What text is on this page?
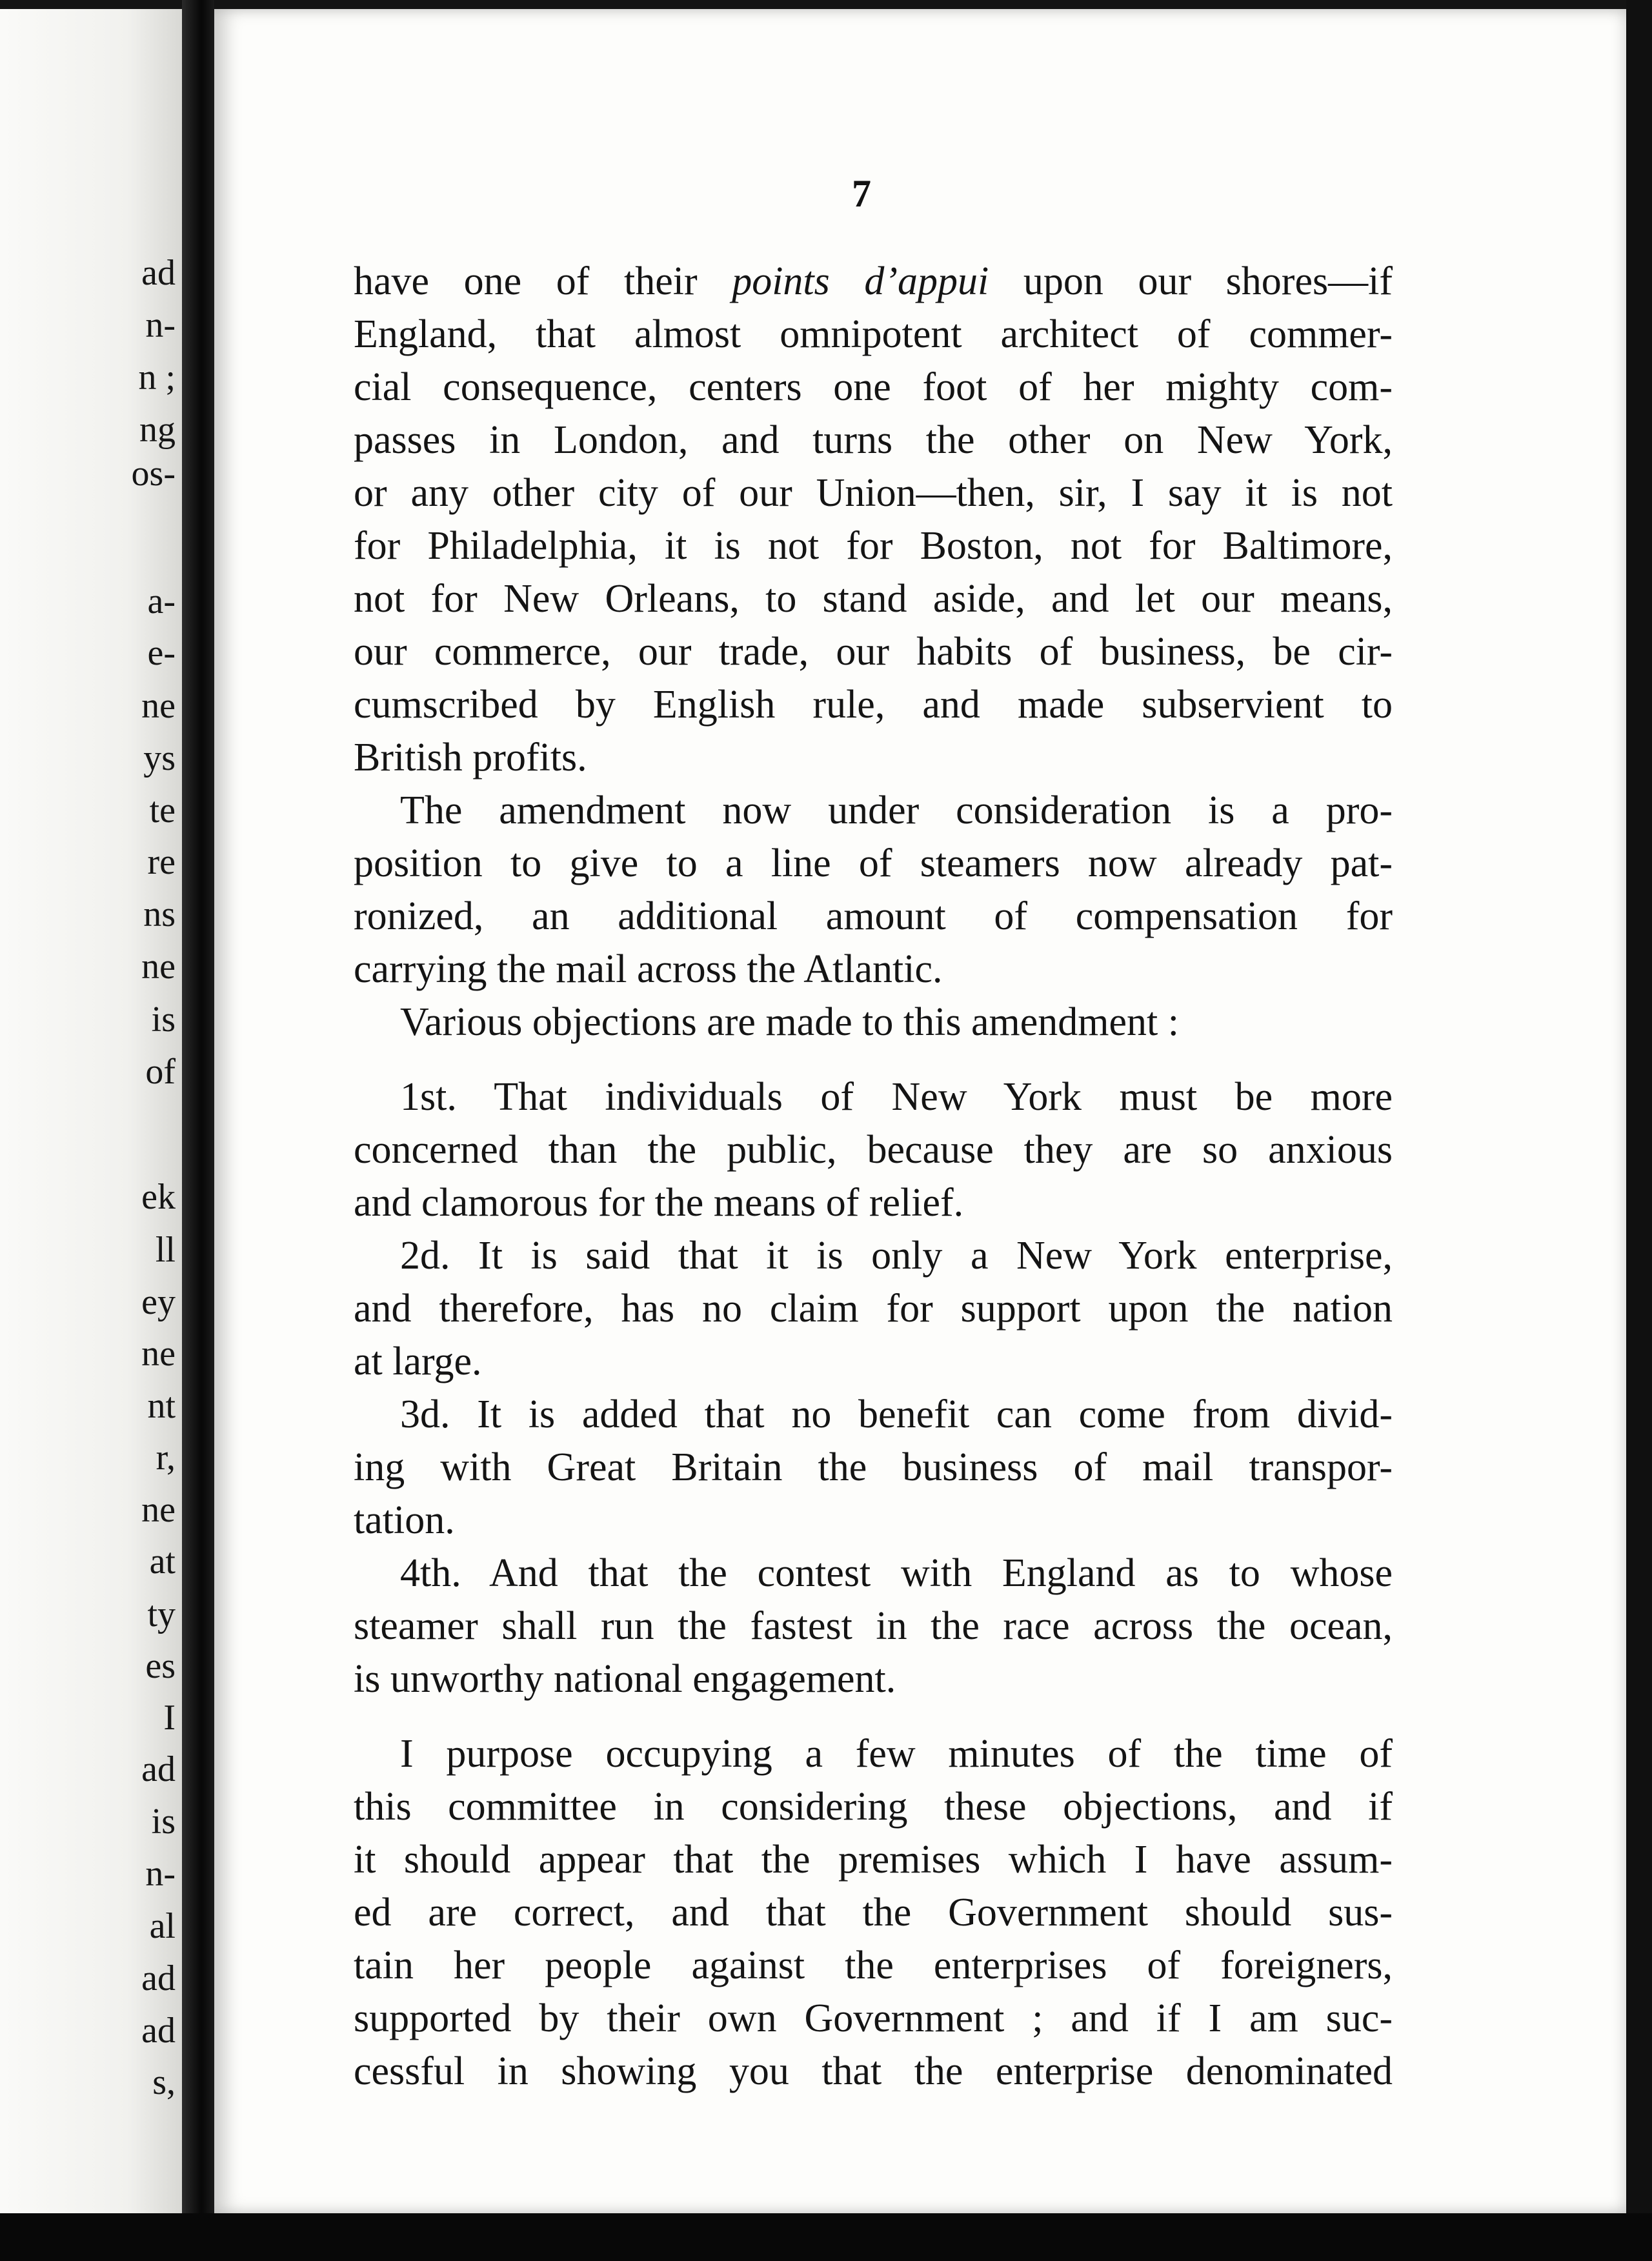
ad
n-
n ;
ng
os-
a-
e-
ne
ys
te
re
ns
ne
is
of
ek
ll
ey
ne
nt
r,
ne
at
ty
es
I
ad
is
n-
al
ad
ad
s,
7
have one of their points d’appui upon our shores—if
England, that almost omnipotent architect of commer-
cial consequence, centers one foot of her mighty com-
passes in London, and turns the other on New York,
or any other city of our Union—then, sir, I say it is not
for Philadelphia, it is not for Boston, not for Baltimore,
not for New Orleans, to stand aside, and let our means,
our commerce, our trade, our habits of business, be cir-
cumscribed by English rule, and made subservient to
British profits.
The amendment now under consideration is a pro-
position to give to a line of steamers now already pat-
ronized, an additional amount of compensation for
carrying the mail across the Atlantic.
Various objections are made to this amendment :
1st. That individuals of New York must be more
concerned than the public, because they are so anxious
and clamorous for the means of relief.
2d. It is said that it is only a New York enterprise,
and therefore, has no claim for support upon the nation
at large.
3d. It is added that no benefit can come from divid-
ing with Great Britain the business of mail transpor-
tation.
4th. And that the contest with England as to whose
steamer shall run the fastest in the race across the ocean,
is unworthy national engagement.
I purpose occupying a few minutes of the time of
this committee in considering these objections, and if
it should appear that the premises which I have assum-
ed are correct, and that the Government should sus-
tain her people against the enterprises of foreigners,
supported by their own Government ; and if I am suc-
cessful in showing you that the enterprise denominated
